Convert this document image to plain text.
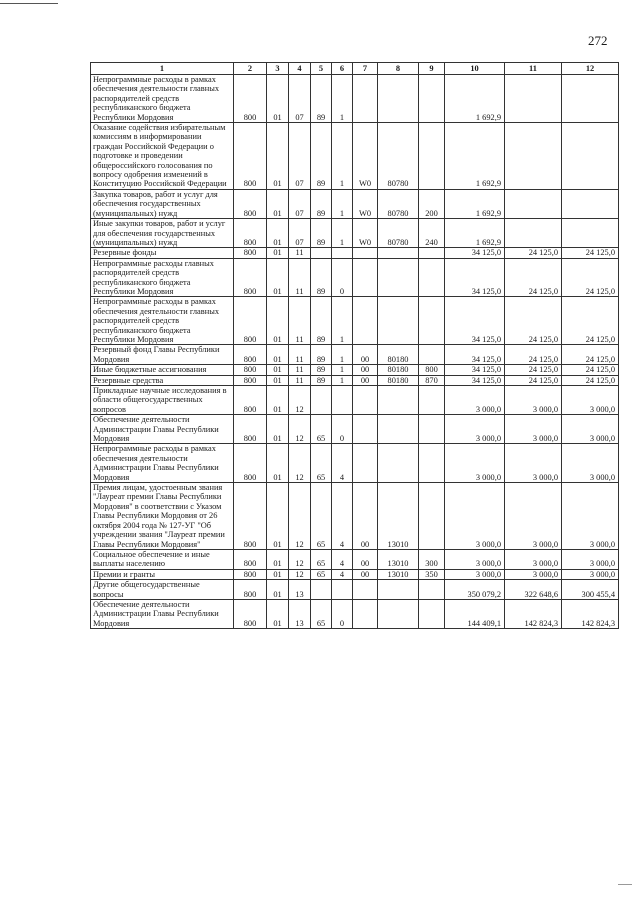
272
1	2	3	4	5	6	7	8	9	10	11	12
Непрограммные расходы в рамках обеспечения деятельности главных распорядителей средств республиканского бюджета Республики Мордовия	800	01	07	89	1				1 692,9		
Оказание содействия избирательным комиссиям в информировании граждан Российской Федерации о подготовке и проведении общероссийского голосования по вопросу одобрения изменений в Конституцию Российской Федерации	800	01	07	89	1	W0	80780		1 692,9		
Закупка товаров, работ и услуг для обеспечения государственных (муниципальных) нужд	800	01	07	89	1	W0	80780	200	1 692,9		
Иные закупки товаров, работ и услуг для обеспечения государственных (муниципальных) нужд	800	01	07	89	1	W0	80780	240	1 692,9		
Резервные фонды	800	01	11						34 125,0	24 125,0	24 125,0
Непрограммные расходы главных распорядителей средств республиканского бюджета Республики Мордовия	800	01	11	89	0				34 125,0	24 125,0	24 125,0
Непрограммные расходы в рамках обеспечения деятельности главных распорядителей средств республиканского бюджета Республики Мордовия	800	01	11	89	1				34 125,0	24 125,0	24 125,0
Резервный фонд Главы Республики Мордовия	800	01	11	89	1	00	80180		34 125,0	24 125,0	24 125,0
Иные бюджетные ассигнования	800	01	11	89	1	00	80180	800	34 125,0	24 125,0	24 125,0
Резервные средства	800	01	11	89	1	00	80180	870	34 125,0	24 125,0	24 125,0
Прикладные научные исследования в области общегосударственных вопросов	800	01	12						3 000,0	3 000,0	3 000,0
Обеспечение деятельности Администрации Главы Республики Мордовия	800	01	12	65	0				3 000,0	3 000,0	3 000,0
Непрограммные расходы в рамках обеспечения деятельности Администрации Главы Республики Мордовия	800	01	12	65	4				3 000,0	3 000,0	3 000,0
Премия лицам, удостоенным звания "Лауреат премии Главы Республики Мордовия" в соответствии с Указом Главы Республики Мордовия от 26 октября 2004 года № 127-УГ "Об учреждении звания "Лауреат премии Главы Республики Мордовия"	800	01	12	65	4	00	13010		3 000,0	3 000,0	3 000,0
Социальное обеспечение и иные выплаты населению	800	01	12	65	4	00	13010	300	3 000,0	3 000,0	3 000,0
Премии и гранты	800	01	12	65	4	00	13010	350	3 000,0	3 000,0	3 000,0
Другие общегосударственные вопросы	800	01	13						350 079,2	322 648,6	300 455,4
Обеспечение деятельности Администрации Главы Республики Мордовия	800	01	13	65	0				144 409,1	142 824,3	142 824,3
